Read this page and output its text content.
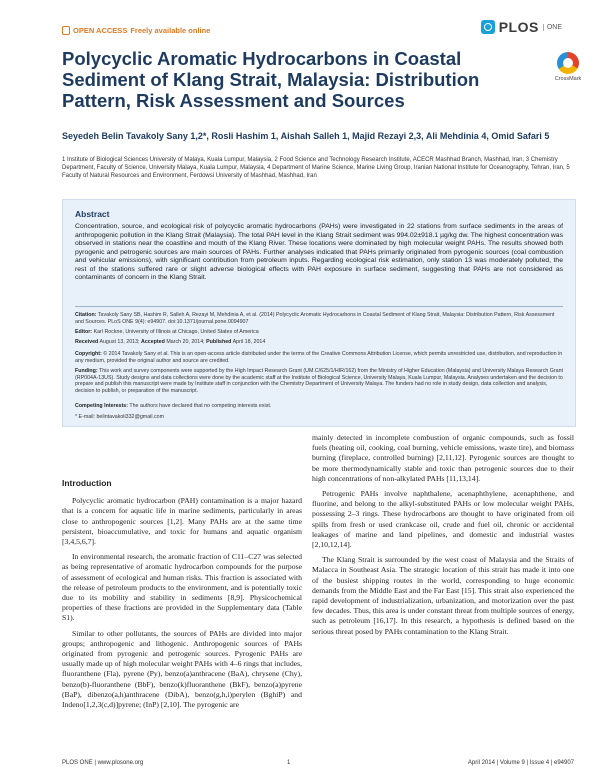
OPEN ACCESS Freely available online	PLOS	ONE
Polycyclic Aromatic Hydrocarbons in Coastal Sediment of Klang Strait, Malaysia: Distribution Pattern, Risk Assessment and Sources
CrossMark
Seyedeh Belin Tavakoly Sany 1,2*, Rosli Hashim 1, Aishah Salleh 1, Majid Rezayi 2,3, Ali Mehdinia 4, Omid Safari 5
1 Institute of Biological Sciences University of Malaya, Kuala Lumpur, Malaysia, 2 Food Science and Technology Research Institute, ACECR Mashhad Branch, Mashhad, Iran, 3 Chemistry Department, Faculty of Science, University Malaya, Kuala Lumpur, Malaysia, 4 Department of Marine Science, Marine Living Group, Iranian National Institute for Oceanography, Tehran, Iran, 5 Faculty of Natural Resources and Environment, Ferdowsi University of Mashhad, Mashhad, Iran
Abstract
Concentration, source, and ecological risk of polycyclic aromatic hydrocarbons (PAHs) were investigated in 22 stations from surface sediments in the areas of anthropogenic pollution in the Klang Strait (Malaysia). The total PAH level in the Klang Strait sediment was 994.02±918.1 µg/kg dw. The highest concentration was observed in stations near the coastline and mouth of the Klang River. These locations were dominated by high molecular weight PAHs. The results showed both pyrogenic and petrogenic sources are main sources of PAHs. Further analyses indicated that PAHs primarily originated from pyrogenic sources (coal combustion and vehicular emissions), with significant contribution from petroleum inputs. Regarding ecological risk estimation, only station 13 was moderately polluted, the rest of the stations suffered rare or slight adverse biological effects with PAH exposure in surface sediment, suggesting that PAHs are not considered as contaminants of concern in the Klang Strait.
Citation: Tavakoly Sany SB, Hashim R, Salleh A, Rezayi M, Mehdinia A, et al. (2014) Polycyclic Aromatic Hydrocarbons in Coastal Sediment of Klang Strait, Malaysia: Distribution Pattern, Risk Assessment and Sources. PLoS ONE 9(4): e94907. doi:10.1371/journal.pone.0094907
Editor: Karl Rockne, University of Illinois at Chicago, United States of America
Received August 13, 2013; Accepted March 20, 2014; Published April 18, 2014
Copyright: © 2014 Tavakoly Sany et al. This is an open-access article distributed under the terms of the Creative Commons Attribution License, which permits unrestricted use, distribution, and reproduction in any medium, provided the original author and source are credited.
Funding: This work and survey components were supported by the High Impact Research Grant (UM.C/625/1/HIR/162) from the Ministry of Higher Education (Malaysia) and University Malaya Research Grant (RP004A-13US). Study designs and data collections were done by the academic staff at the Institute of Biological Science, University Malaya, Kuala Lumpur, Malaysia. Analyses undertaken and the decision to prepare and publish this manuscript were made by Institute staff in conjunction with the Chemistry Department of University Malaya. The funders had no role in study design, data collection and analysis, decision to publish, or preparation of the manuscript.
Competing Interests: The authors have declared that no competing interests exist.
* E-mail: belintavakoli332@gmail.com
Introduction

Polycyclic aromatic hydrocarbon (PAH) contamination is a major hazard that is a concern for aquatic life in marine sediments, particularly in areas close to anthropogenic sources [1,2]. Many PAHs are at the same time persistent, bioaccumulative, and toxic for humans and aquatic organism [3,4,5,6,7].

In environmental research, the aromatic fraction of C11–C27 was selected as being representative of aromatic hydrocarbon compounds for the purpose of assessment of ecological and human risks. This fraction is associated with the release of petroleum products to the environment, and is potentially toxic due to its mobility and stability in sediments [8,9]. Physicochemical properties of these fractions are provided in the Supplementary data (Table S1).

Similar to other pollutants, the sources of PAHs are divided into major groups; anthropogenic and lithogenic. Anthropogenic sources of PAHs originated from pyrogenic and petrogenic sources. Pyrogenic PAHs are usually made up of high molecular weight PAHs with 4–6 rings that includes, fluoranthene (Fla), pyrene (Py), benzo(a)anthracene (BaA), chrysene (Chy), benzo(b)-fluoranthene (BbF), benzo(k)fluoranthene (BkF), benzo(a)pyrene (BaP), dibenzo(a,h)anthracene (DibA), benzo(g,h,i)perylen (BghiP) and Indeno[1,2,3(c,d)]pyrene; (InP) [2,10]. The pyrogenic are

mainly detected in incomplete combustion of organic compounds, such as fossil fuels (heating oil, cooking, coal burning, vehicle emissions, waste tire), and biomass burning (fireplace, controlled burning) [2,11,12]. Pyrogenic sources are thought to be more thermodynamically stable and toxic than petrogenic sources due to their high concentrations of non-alkylated PAHs [11,13,14].

Petrogenic PAHs involve naphthalene, acenaphthylene, acenaphthene, and fluorine, and belong to the alkyl-substituted PAHs or low molecular weight PAHs, possessing 2–3 rings. These hydrocarbons are thought to have originated from oil spills from fresh or used crankcase oil, crude and fuel oil, chronic or accidental leakages of marine and land pipelines, and domestic and industrial wastes [2,10,12,14].

The Klang Strait is surrounded by the west coast of Malaysia and the Straits of Malacca in Southeast Asia. The strategic location of this strait has made it into one of the busiest shipping routes in the world, corresponding to huge economic demands from the Middle East and the Far East [15]. This strait also experienced the rapid development of industrialization, urbanization, and motorization over the past few decades. Thus, this area is under constant threat from multiple sources of energy, such as petroleum [16,17]. In this research, a hypothesis is defined based on the serious threat posed by PAHs contamination to the Klang Strait.

PLOS ONE | www.plosone.org	1	April 2014 | Volume 9 | Issue 4 | e94907
